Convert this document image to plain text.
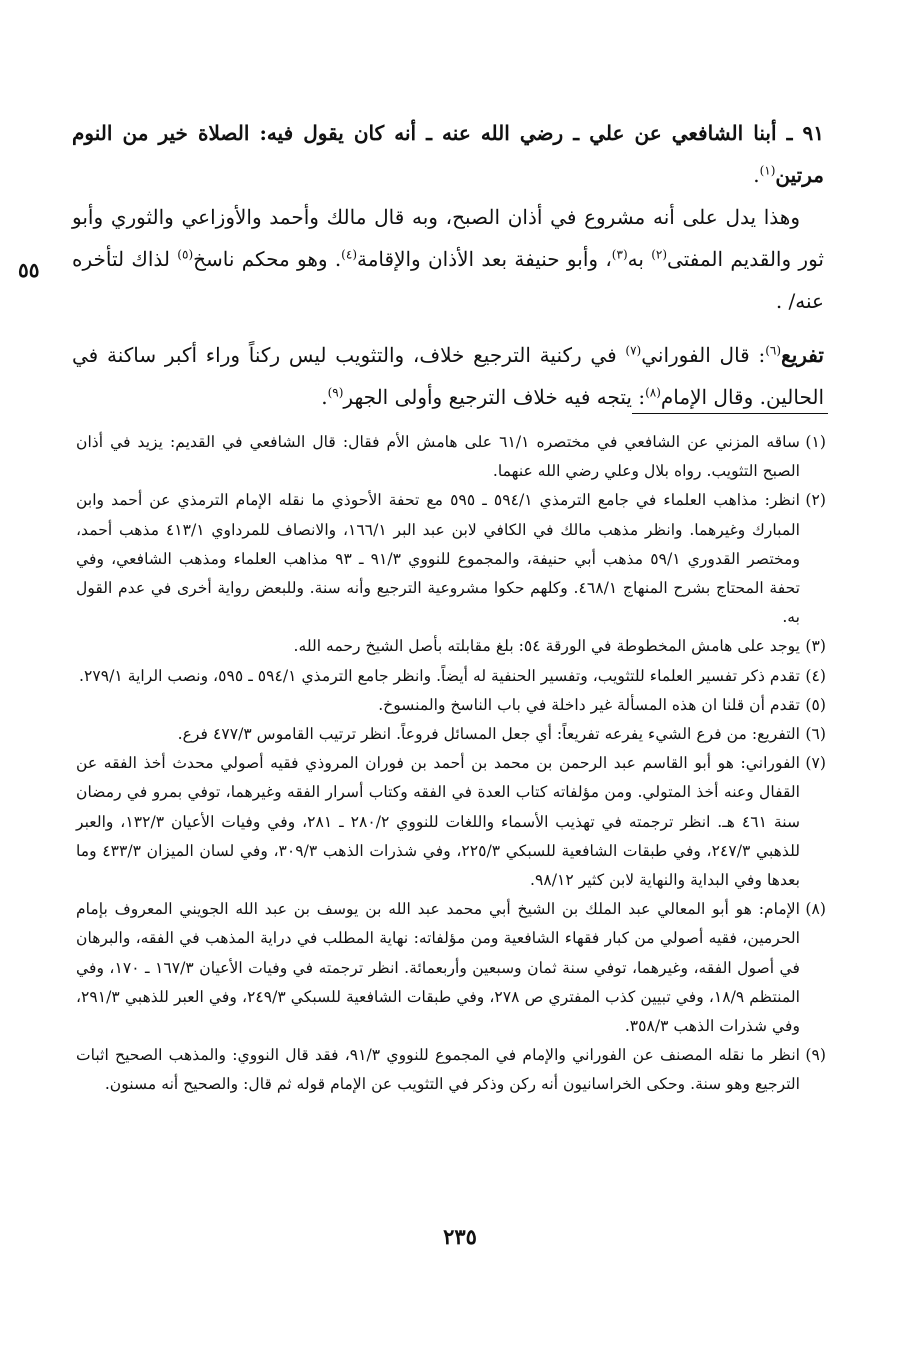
٩١ ـ أبنا الشافعي عن علي ـ رضي الله عنه ـ أنه كان يقول فيه: الصلاة خير من النوم مرتين$^{(١)}$.

وهذا يدل على أنه مشروع في أذان الصبح، وبه قال مالك وأحمد والأوزاعي والثوري وأبو ثور والقديم المفتى$^{(٢)}$ به$^{(٣)}$، وأبو حنيفة بعد الأذان والإقامة$^{(٤)}$. وهو محكم ناسخ$^{(٥)}$ لذاك لتأخره عنه/ .

تفريع$^{(٦)}$: قال الفوراني$^{(٧)}$ في ركنية الترجيع خلاف، والتثويب ليس ركناً وراء أكبر ساكنة في الحالين. وقال الإمام$^{(٨)}$: يتجه فيه خلاف الترجيع وأولى الجهر$^{(٩)}$.

٥٥

(١)
ساقه المزني عن الشافعي في مختصره ٦١/١ على هامش الأم فقال: قال الشافعي في القديم: يزيد في أذان الصبح التثويب. رواه بلال وعلي رضي الله عنهما.

(٢)
انظر: مذاهب العلماء في جامع الترمذي ٥٩٤/١ ـ ٥٩٥ مع تحفة الأحوذي ما نقله الإمام الترمذي عن أحمد وابن المبارك وغيرهما. وانظر مذهب مالك في الكافي لابن عبد البر ١٦٦/١، والانصاف للمرداوي ٤١٣/١ مذهب أحمد، ومختصر القدوري ٥٩/١ مذهب أبي حنيفة، والمجموع للنووي ٩١/٣ ـ ٩٣ مذاهب العلماء ومذهب الشافعي، وفي تحفة المحتاج بشرح المنهاج ٤٦٨/١. وكلهم حكوا مشروعية الترجيع وأنه سنة. وللبعض رواية أخرى في عدم القول به.

(٣)
يوجد على هامش المخطوطة في الورقة ٥٤: بلغ مقابلته بأصل الشيخ رحمه الله.

(٤)
تقدم ذكر تفسير العلماء للتثويب، وتفسير الحنفية له أيضاً. وانظر جامع الترمذي ٥٩٤/١ ـ ٥٩٥، ونصب الراية ٢٧٩/١.

(٥)
تقدم أن قلنا ان هذه المسألة غير داخلة في باب الناسخ والمنسوخ.

(٦)
التفريع: من فرع الشيء يفرعه تفريعاً: أي جعل المسائل فروعاً. انظر ترتيب القاموس ٤٧٧/٣ فرع.

(٧)
الفوراني: هو أبو القاسم عبد الرحمن بن محمد بن أحمد بن فوران المروذي فقيه أصولي محدث أخذ الفقه عن القفال وعنه أخذ المتولي. ومن مؤلفاته كتاب العدة في الفقه وكتاب أسرار الفقه وغيرهما، توفي بمرو في رمضان سنة ٤٦١ هـ. انظر ترجمته في تهذيب الأسماء واللغات للنووي ٢٨٠/٢ ـ ٢٨١، وفي وفيات الأعيان ١٣٢/٣، والعبر للذهبي ٢٤٧/٣، وفي طبقات الشافعية للسبكي ٢٢٥/٣، وفي شذرات الذهب ٣٠٩/٣، وفي لسان الميزان ٤٣٣/٣ وما بعدها وفي البداية والنهاية لابن كثير ٩٨/١٢.

(٨)
الإمام: هو أبو المعالي عبد الملك بن الشيخ أبي محمد عبد الله بن يوسف بن عبد الله الجويني المعروف بإمام الحرمين، فقيه أصولي من كبار فقهاء الشافعية ومن مؤلفاته: نهاية المطلب في دراية المذهب في الفقه، والبرهان في أصول الفقه، وغيرهما، توفي سنة ثمان وسبعين وأربعمائة. انظر ترجمته في وفيات الأعيان ١٦٧/٣ ـ ١٧٠، وفي المنتظم ١٨/٩، وفي تبيين كذب المفتري ص ٢٧٨، وفي طبقات الشافعية للسبكي ٢٤٩/٣، وفي العبر للذهبي ٢٩١/٣، وفي شذرات الذهب ٣٥٨/٣.

(٩)
انظر ما نقله المصنف عن الفوراني والإمام في المجموع للنووي ٩١/٣، فقد قال النووي: والمذهب الصحيح اثبات الترجيع وهو سنة. وحكى الخراسانيون أنه ركن وذكر في التثويب عن الإمام قوله ثم قال: والصحيح أنه مسنون.

٢٣٥
